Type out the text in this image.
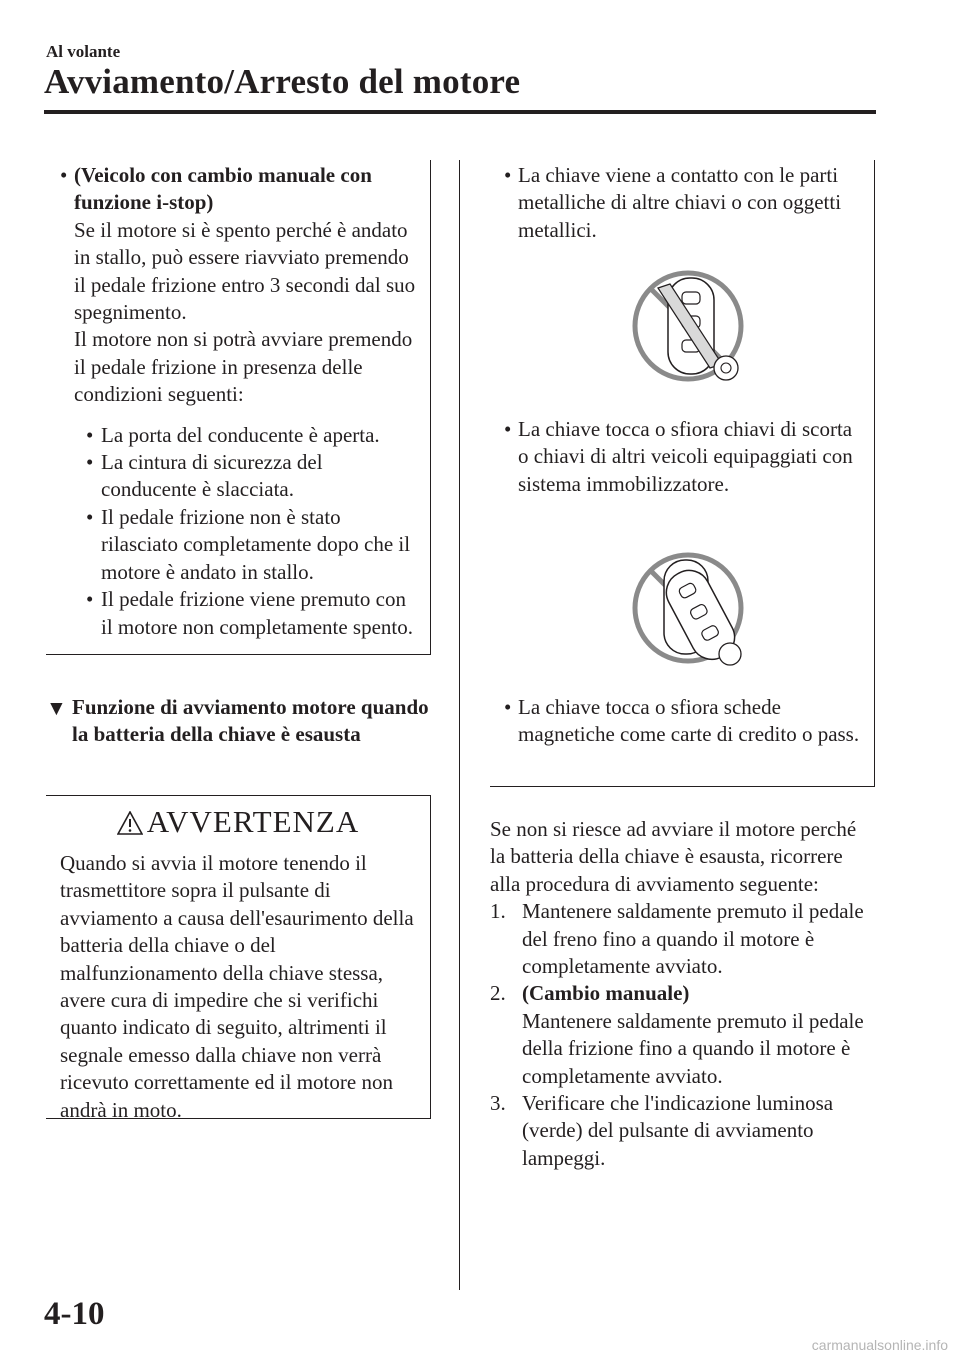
Al volante
Avviamento/Arresto del motore
• (Veicolo con cambio manuale con funzione i-stop)
Se il motore si è spento perché è andato in stallo, può essere riavviato premendo il pedale frizione entro 3 secondi dal suo spegnimento.
Il motore non si potrà avviare premendo il pedale frizione in presenza delle condizioni seguenti:
• La porta del conducente è aperta.
• La cintura di sicurezza del conducente è slacciata.
• Il pedale frizione non è stato rilasciato completamente dopo che il motore è andato in stallo.
• Il pedale frizione viene premuto con il motore non completamente spento.
▼ Funzione di avviamento motore quando la batteria della chiave è esausta
AVVERTENZA
Quando si avvia il motore tenendo il trasmettitore sopra il pulsante di avviamento a causa dell'esaurimento della batteria della chiave o del malfunzionamento della chiave stessa, avere cura di impedire che si verifichi quanto indicato di seguito, altrimenti il segnale emesso dalla chiave non verrà ricevuto correttamente ed il motore non andrà in moto.
• La chiave viene a contatto con le parti metalliche di altre chiavi o con oggetti metallici.
• La chiave tocca o sfiora chiavi di scorta o chiavi di altri veicoli equipaggiati con sistema immobilizzatore.
• La chiave tocca o sfiora schede magnetiche come carte di credito o pass.
Se non si riesce ad avviare il motore perché la batteria della chiave è esausta, ricorrere alla procedura di avviamento seguente:
1. Mantenere saldamente premuto il pedale del freno fino a quando il motore è completamente avviato.
2. (Cambio manuale)
Mantenere saldamente premuto il pedale della frizione fino a quando il motore è completamente avviato.
3. Verificare che l'indicazione luminosa (verde) del pulsante di avviamento lampeggi.
4-10
carmanualsonline.info
